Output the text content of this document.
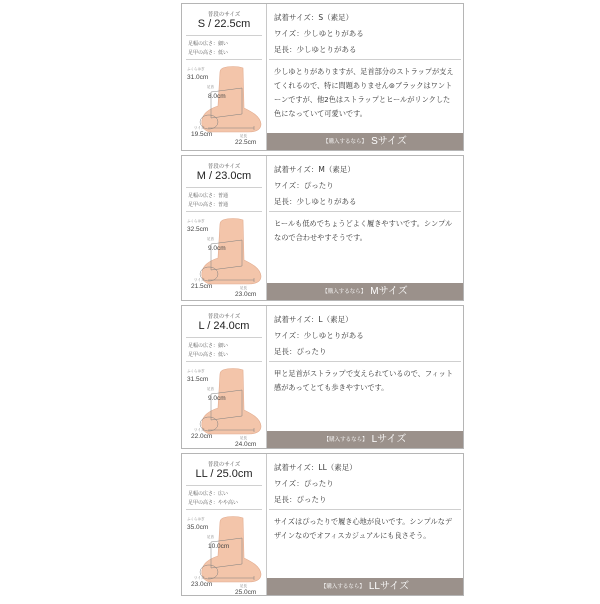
普段のサイズ
S / 22.5cm
足幅の広さ：細い
足甲の高さ：低い
ふくらはぎ
31.0cm
足首
8.0cm
ワイズ
19.5cm	足長
22.5cm
試着サイズ：S（素足）
ワイズ：少しゆとりがある
足長：少しゆとりがある
少しゆとりがありますが、足首部分のストラップが支えてくれるので、特に問題ありません⊚ブラックはワントーンですが、他2色はストラップとヒールがリンクした色になっていて可愛いです。
【購入するなら】 Sサイズ
普段のサイズ
M / 23.0cm
足幅の広さ：普通
足甲の高さ：普通
ふくらはぎ
32.5cm
足首
9.0cm
ワイズ
21.5cm	足長
23.0cm
試着サイズ：M（素足）
ワイズ：ぴったり
足長：少しゆとりがある
ヒールも低めでちょうどよく履きやすいです。シンプルなので合わせやすそうです。
【購入するなら】 Mサイズ
普段のサイズ
L / 24.0cm
足幅の広さ：細い
足甲の高さ：低い
ふくらはぎ
31.5cm
足首
9.0cm
ワイズ
22.0cm	足長
24.0cm
試着サイズ：L（素足）
ワイズ：少しゆとりがある
足長：ぴったり
甲と足首がストラップで支えられているので、フィット感があってとても歩きやすいです。
【購入するなら】 Lサイズ
普段のサイズ
LL / 25.0cm
足幅の広さ：広い
足甲の高さ：やや高い
ふくらはぎ
35.0cm
足首
10.0cm
ワイズ
23.0cm	足長
25.0cm
試着サイズ：LL（素足）
ワイズ：ぴったり
足長：ぴったり
サイズはぴったりで履き心地が良いです。シンプルなデザインなのでオフィスカジュアルにも良さそう。
【購入するなら】 LLサイズ
